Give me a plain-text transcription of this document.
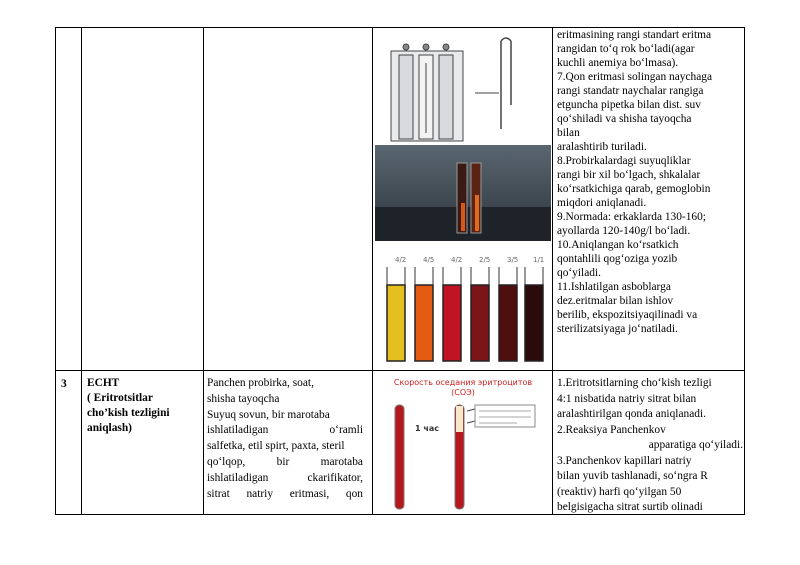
4/2 4/5 4/2 2/5 3/5 1/1
eritmasining rangi standart eritma
rangidan to‘q rok bo‘ladi(agar
kuchli anemiya bo‘lmasa).
7.Qon eritmasi solingan naychaga
rangi standatr naychalar rangiga
etguncha pipetka bilan dist. suv
qo‘shiladi va shisha tayoqcha
bilan
aralashtirib turiladi.
8.Probirkalardagi suyuqliklar
rangi bir xil bo‘lgach, shkalalar
ko‘rsatkichiga qarab, gemoglobin
miqdori aniqlanadi.
9.Normada: erkaklarda 130-160;
ayollarda 120-140g/l bo‘ladi.
10.Aniqlangan ko‘rsatkich
qontahlili qog‘oziga yozib
qo‘yiladi.
11.Ishlatilgan asboblarga
dez.eritmalar bilan ishlov
berilib, ekspozitsiyaqilinadi va
sterilizatsiyaga jo‘natiladi.
3 ECHT
( Eritrotsitlar
cho’kish tezligini
aniqlash)
Panchen probirka, soat,
shisha tayoqcha
Suyuq sovun, bir marotaba
ishlatiladigan o‘ramli
salfetka, etil spirt, paxta, steril
qo‘lqop, bir marotaba
ishlatiladigan ckarifikator,
sitrat natriy eritmasi, qon
Скорость оседания эритроцитов
(СОЭ)
1 час
1.Eritrotsitlarning cho‘kish tezligi
4:1 nisbatida natriy sitrat bilan
aralashtirilgan qonda aniqlanadi.
2.Reaksiya Panchenkov
apparatiga qo‘yiladi.
3.Panchenkov kapillari natriy
bilan yuvib tashlanadi, so‘ngra R
(reaktiv) harfi qo‘yilgan 50
belgisigacha sitrat surtib olinadi
